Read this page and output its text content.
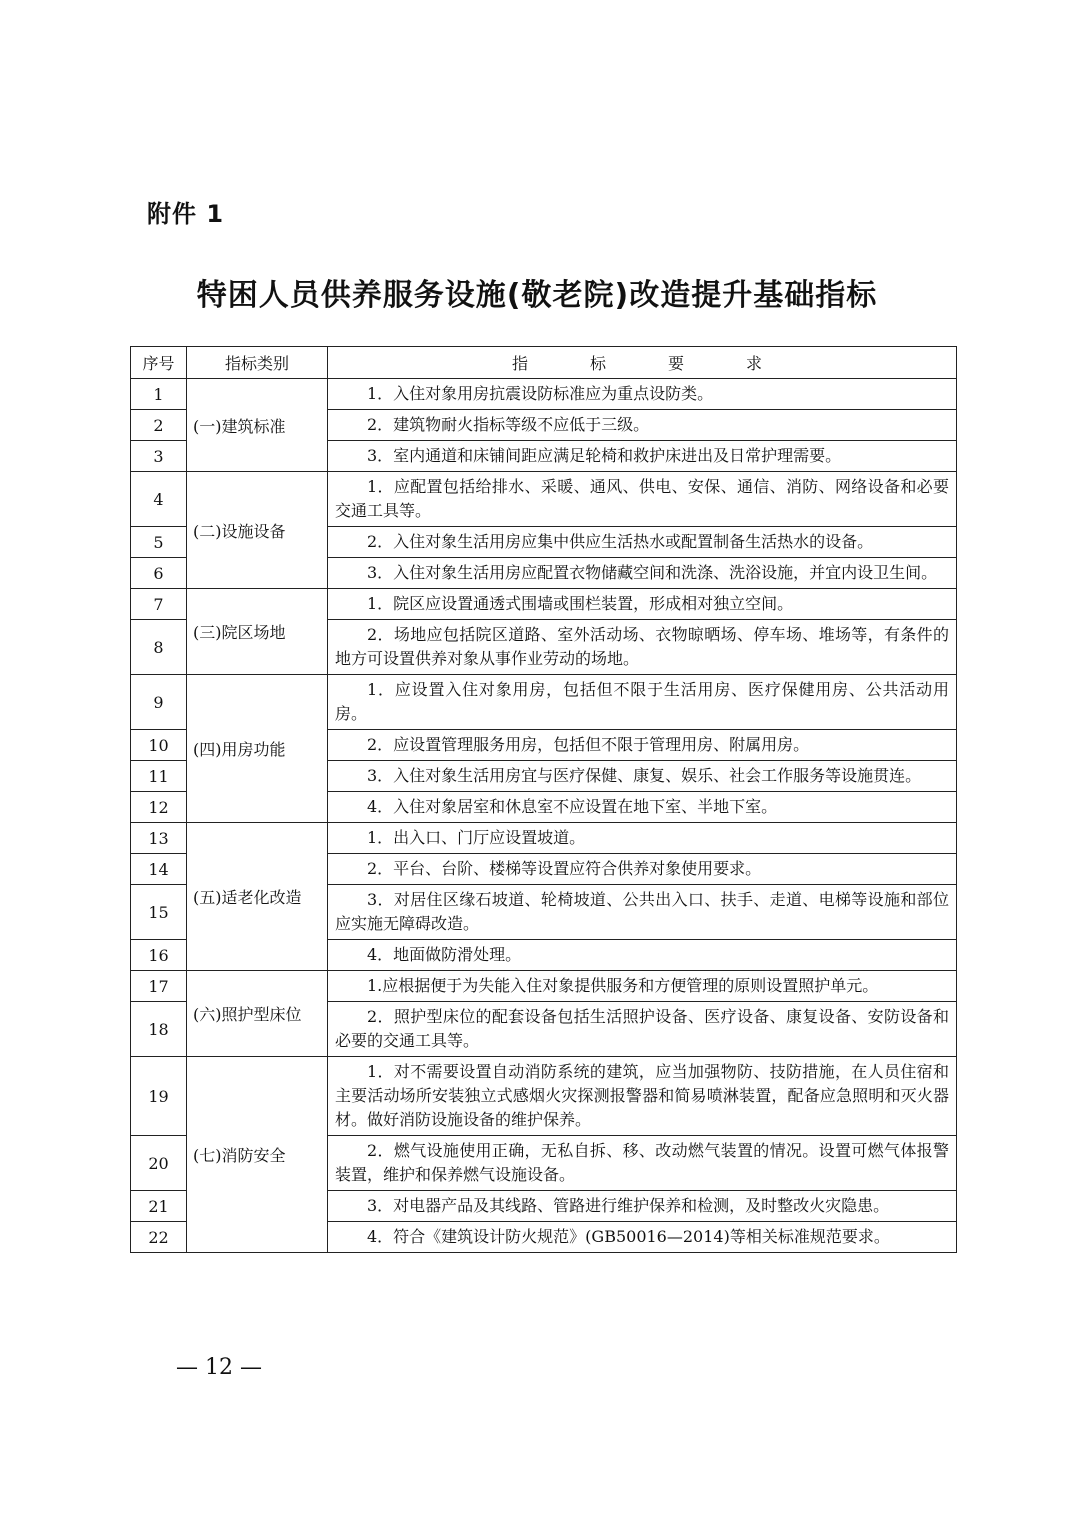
附件 1
特困人员供养服务设施(敬老院)改造提升基础指标
序号	指标类别	指　　标　　要　　求
1	(一)建筑标准	1．入住对象用房抗震设防标准应为重点设防类。
2		2．建筑物耐火指标等级不应低于三级。
3		3．室内通道和床铺间距应满足轮椅和救护床进出及日常护理需要。
4	(二)设施设备	1．应配置包括给排水、采暖、通风、供电、安保、通信、消防、网络设备和必要交通工具等。
5		2．入住对象生活用房应集中供应生活热水或配置制备生活热水的设备。
6		3．入住对象生活用房应配置衣物储藏空间和洗涤、洗浴设施，并宜内设卫生间。
7	(三)院区场地	1．院区应设置通透式围墙或围栏装置，形成相对独立空间。
8		2．场地应包括院区道路、室外活动场、衣物晾晒场、停车场、堆场等，有条件的地方可设置供养对象从事作业劳动的场地。
9	(四)用房功能	1．应设置入住对象用房，包括但不限于生活用房、医疗保健用房、公共活动用房。
10		2．应设置管理服务用房，包括但不限于管理用房、附属用房。
11		3．入住对象生活用房宜与医疗保健、康复、娱乐、社会工作服务等设施贯连。
12		4．入住对象居室和休息室不应设置在地下室、半地下室。
13	(五)适老化改造	1．出入口、门厅应设置坡道。
14		2．平台、台阶、楼梯等设置应符合供养对象使用要求。
15		3．对居住区缘石坡道、轮椅坡道、公共出入口、扶手、走道、电梯等设施和部位应实施无障碍改造。
16		4．地面做防滑处理。
17	(六)照护型床位	1.应根据便于为失能入住对象提供服务和方便管理的原则设置照护单元。
18		2．照护型床位的配套设备包括生活照护设备、医疗设备、康复设备、安防设备和必要的交通工具等。
19	(七)消防安全	1．对不需要设置自动消防系统的建筑，应当加强物防、技防措施，在人员住宿和主要活动场所安装独立式感烟火灾探测报警器和简易喷淋装置，配备应急照明和灭火器材。做好消防设施设备的维护保养。
20		2．燃气设施使用正确，无私自拆、移、改动燃气装置的情况。设置可燃气体报警装置，维护和保养燃气设施设备。
21		3．对电器产品及其线路、管路进行维护保养和检测，及时整改火灾隐患。
22		4．符合《建筑设计防火规范》(GB50016—2014)等相关标准规范要求。
— 12 —
